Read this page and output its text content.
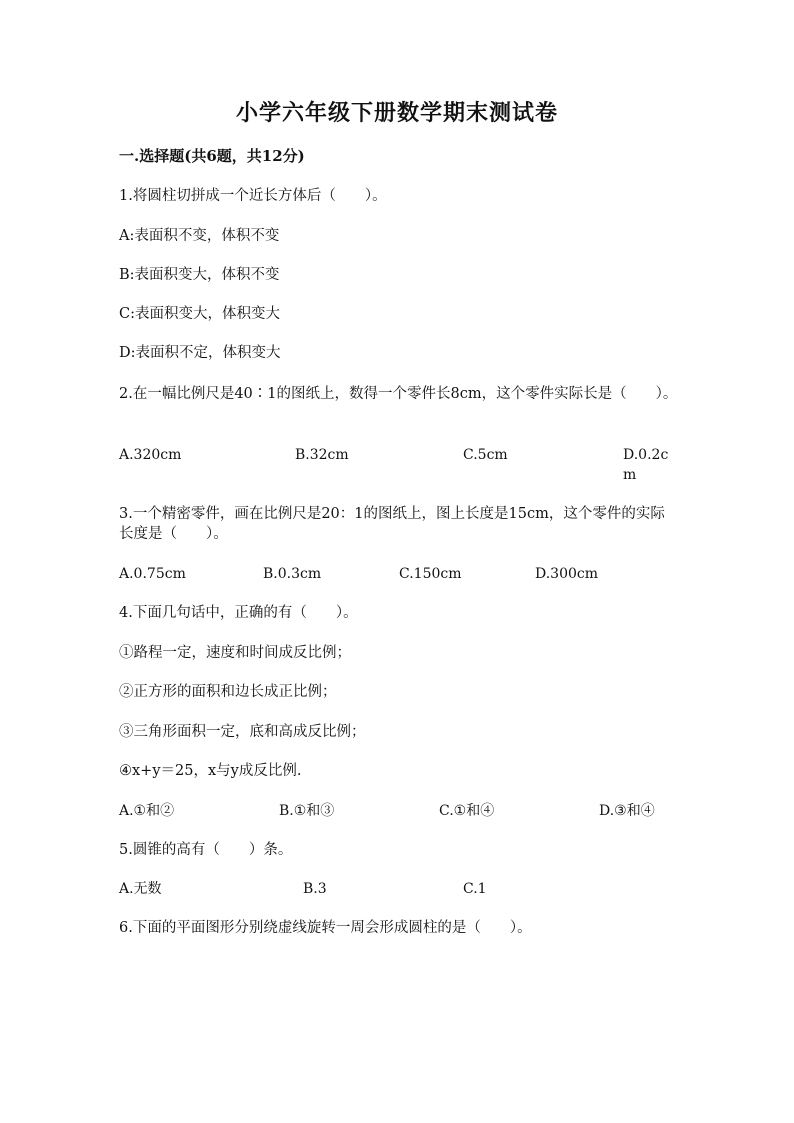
小学六年级下册数学期末测试卷
一.选择题(共6题，共12分)
1.将圆柱切拼成一个近长方体后（　　）。
A:表面积不变，体积不变
B:表面积变大，体积不变
C:表面积变大，体积变大
D:表面积不定，体积变大
2.在一幅比例尺是40∶1的图纸上，数得一个零件长8cm，这个零件实际长是（　　）。
A.320cm	B.32cm	C.5cm	D.0.2cm
3.一个精密零件，画在比例尺是20：1的图纸上，图上长度是15cm，这个零件的实际长度是（　　）。
A.0.75cm	B.0.3cm	C.150cm	D.300cm
4.下面几句话中，正确的有（　　）。
①路程一定，速度和时间成反比例；
②正方形的面积和边长成正比例；
③三角形面积一定，底和高成反比例；
④x+y＝25，x与y成反比例.
A.①和②	B.①和③	C.①和④	D.③和④
5.圆锥的高有（　　）条。
A.无数	B.3	C.1
6.下面的平面图形分别绕虚线旋转一周会形成圆柱的是（　　）。
